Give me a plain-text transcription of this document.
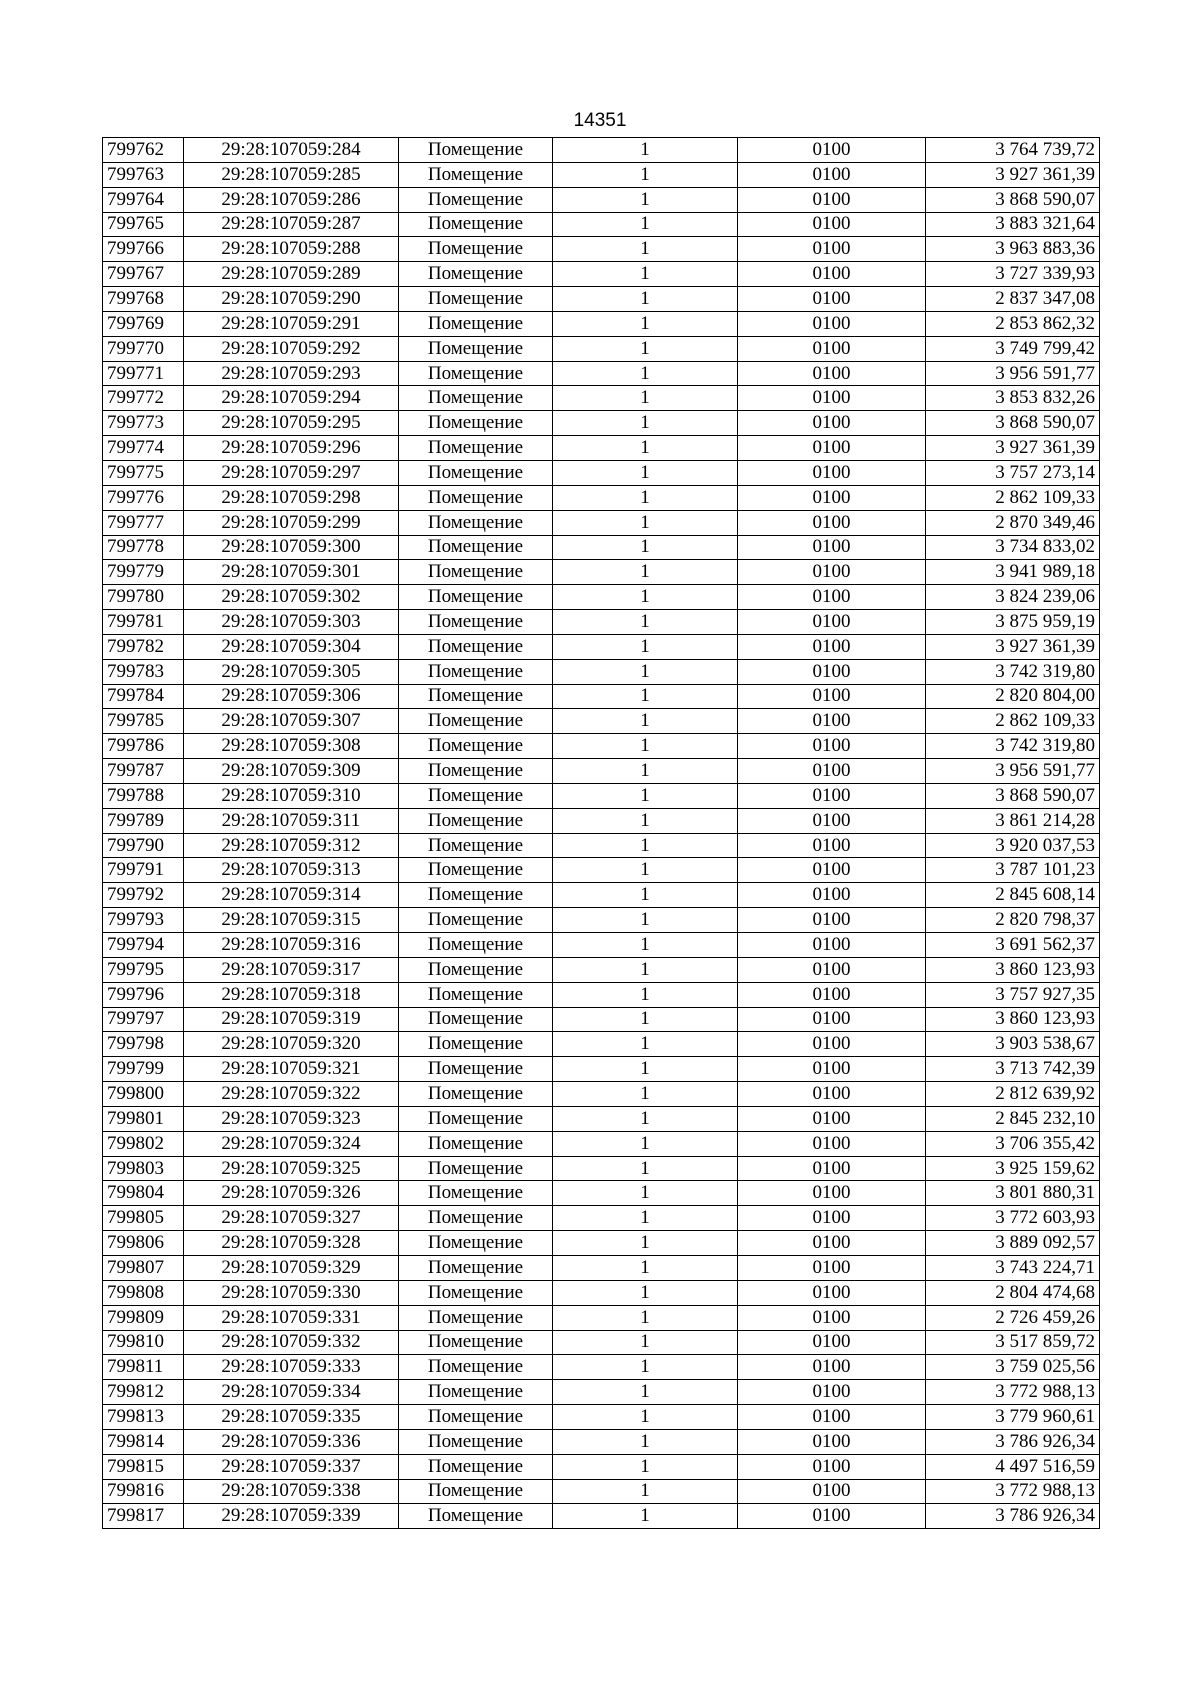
14351
799762	29:28:107059:284	Помещение	1	0100	3 764 739,72
799763	29:28:107059:285	Помещение	1	0100	3 927 361,39
799764	29:28:107059:286	Помещение	1	0100	3 868 590,07
799765	29:28:107059:287	Помещение	1	0100	3 883 321,64
799766	29:28:107059:288	Помещение	1	0100	3 963 883,36
799767	29:28:107059:289	Помещение	1	0100	3 727 339,93
799768	29:28:107059:290	Помещение	1	0100	2 837 347,08
799769	29:28:107059:291	Помещение	1	0100	2 853 862,32
799770	29:28:107059:292	Помещение	1	0100	3 749 799,42
799771	29:28:107059:293	Помещение	1	0100	3 956 591,77
799772	29:28:107059:294	Помещение	1	0100	3 853 832,26
799773	29:28:107059:295	Помещение	1	0100	3 868 590,07
799774	29:28:107059:296	Помещение	1	0100	3 927 361,39
799775	29:28:107059:297	Помещение	1	0100	3 757 273,14
799776	29:28:107059:298	Помещение	1	0100	2 862 109,33
799777	29:28:107059:299	Помещение	1	0100	2 870 349,46
799778	29:28:107059:300	Помещение	1	0100	3 734 833,02
799779	29:28:107059:301	Помещение	1	0100	3 941 989,18
799780	29:28:107059:302	Помещение	1	0100	3 824 239,06
799781	29:28:107059:303	Помещение	1	0100	3 875 959,19
799782	29:28:107059:304	Помещение	1	0100	3 927 361,39
799783	29:28:107059:305	Помещение	1	0100	3 742 319,80
799784	29:28:107059:306	Помещение	1	0100	2 820 804,00
799785	29:28:107059:307	Помещение	1	0100	2 862 109,33
799786	29:28:107059:308	Помещение	1	0100	3 742 319,80
799787	29:28:107059:309	Помещение	1	0100	3 956 591,77
799788	29:28:107059:310	Помещение	1	0100	3 868 590,07
799789	29:28:107059:311	Помещение	1	0100	3 861 214,28
799790	29:28:107059:312	Помещение	1	0100	3 920 037,53
799791	29:28:107059:313	Помещение	1	0100	3 787 101,23
799792	29:28:107059:314	Помещение	1	0100	2 845 608,14
799793	29:28:107059:315	Помещение	1	0100	2 820 798,37
799794	29:28:107059:316	Помещение	1	0100	3 691 562,37
799795	29:28:107059:317	Помещение	1	0100	3 860 123,93
799796	29:28:107059:318	Помещение	1	0100	3 757 927,35
799797	29:28:107059:319	Помещение	1	0100	3 860 123,93
799798	29:28:107059:320	Помещение	1	0100	3 903 538,67
799799	29:28:107059:321	Помещение	1	0100	3 713 742,39
799800	29:28:107059:322	Помещение	1	0100	2 812 639,92
799801	29:28:107059:323	Помещение	1	0100	2 845 232,10
799802	29:28:107059:324	Помещение	1	0100	3 706 355,42
799803	29:28:107059:325	Помещение	1	0100	3 925 159,62
799804	29:28:107059:326	Помещение	1	0100	3 801 880,31
799805	29:28:107059:327	Помещение	1	0100	3 772 603,93
799806	29:28:107059:328	Помещение	1	0100	3 889 092,57
799807	29:28:107059:329	Помещение	1	0100	3 743 224,71
799808	29:28:107059:330	Помещение	1	0100	2 804 474,68
799809	29:28:107059:331	Помещение	1	0100	2 726 459,26
799810	29:28:107059:332	Помещение	1	0100	3 517 859,72
799811	29:28:107059:333	Помещение	1	0100	3 759 025,56
799812	29:28:107059:334	Помещение	1	0100	3 772 988,13
799813	29:28:107059:335	Помещение	1	0100	3 779 960,61
799814	29:28:107059:336	Помещение	1	0100	3 786 926,34
799815	29:28:107059:337	Помещение	1	0100	4 497 516,59
799816	29:28:107059:338	Помещение	1	0100	3 772 988,13
799817	29:28:107059:339	Помещение	1	0100	3 786 926,34
